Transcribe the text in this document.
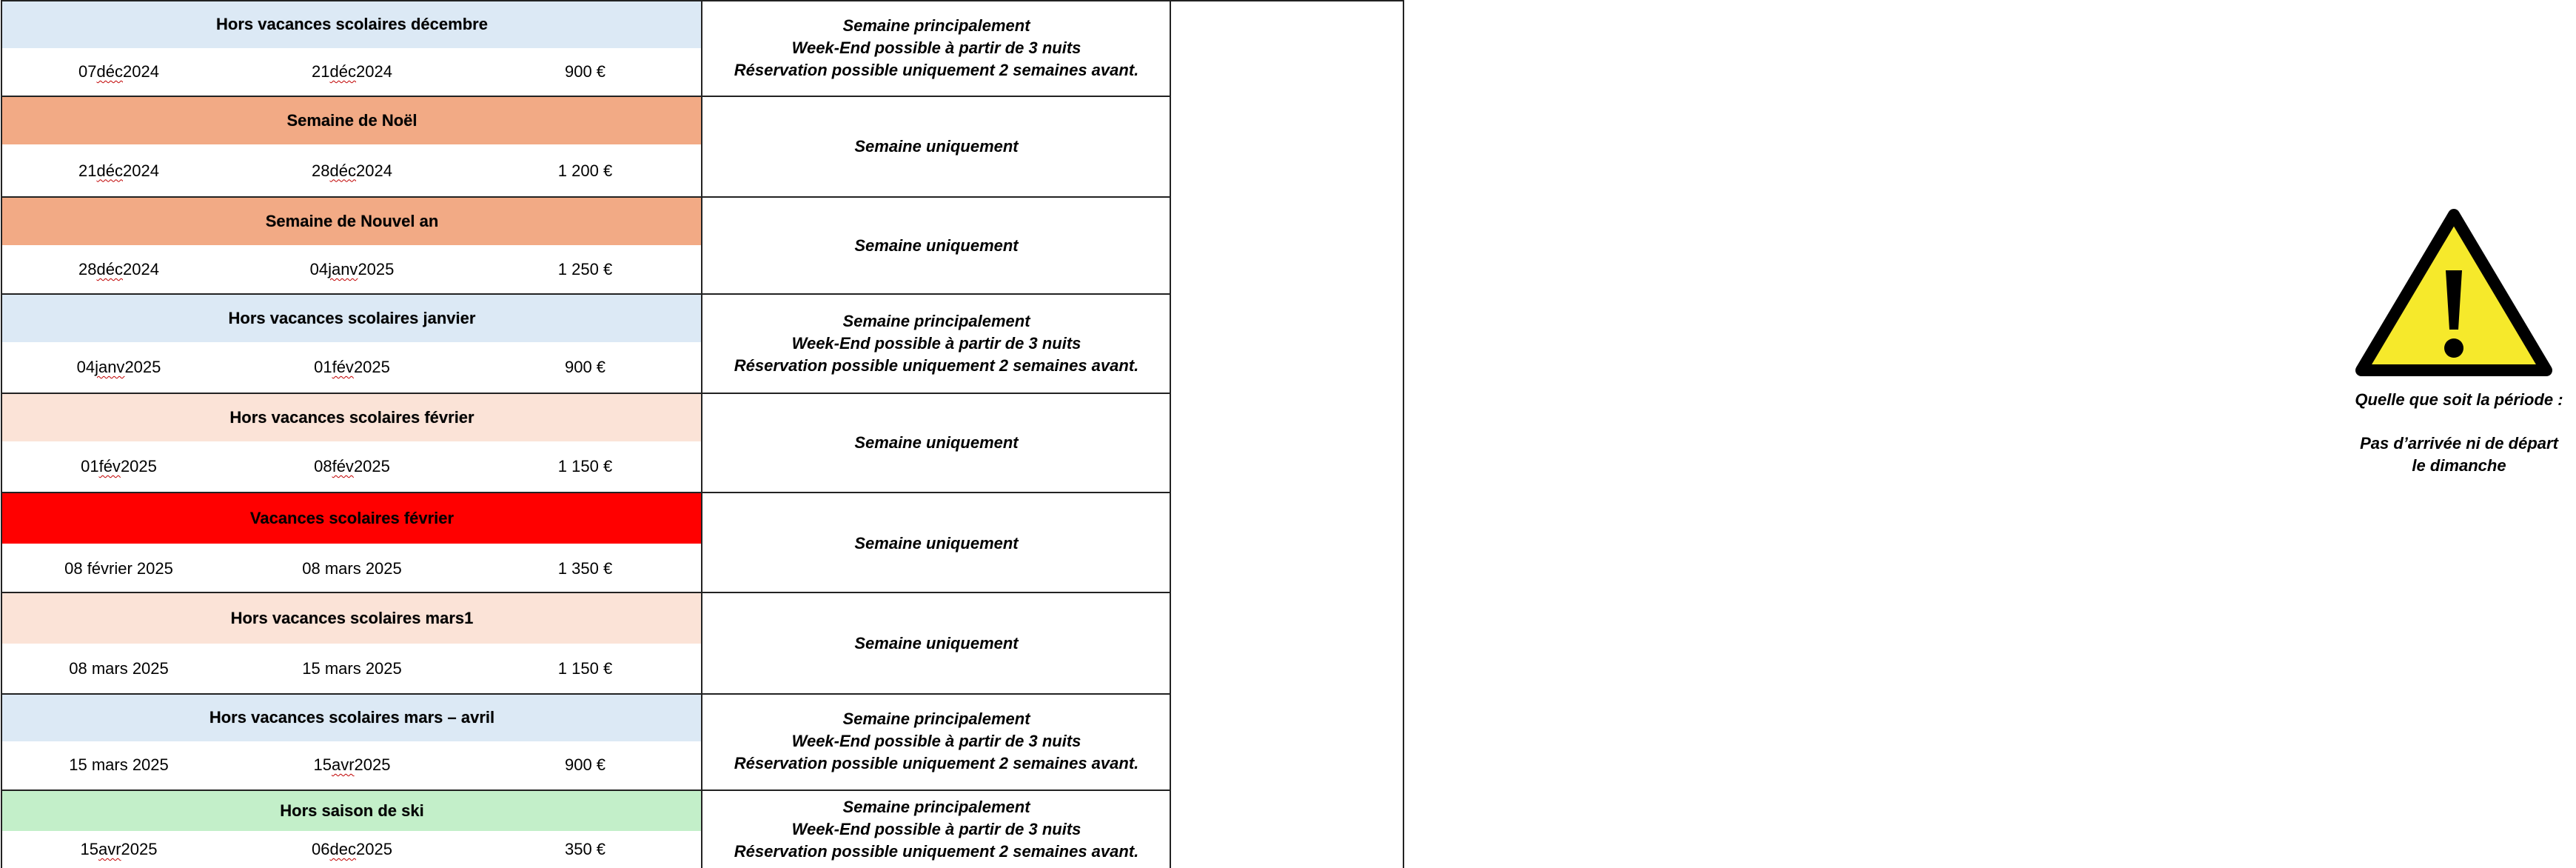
Hors vacances scolaires décembre
07 déc 2024	21 déc 2024	900 €
Semaine principalement
Week-End possible à partir de 3 nuits
Réservation possible uniquement 2 semaines avant.
Semaine de Noël
21 déc 2024	28 déc 2024	1 200 €
Semaine uniquement
Semaine de Nouvel an
28 déc 2024	04 janv 2025	1 250 €
Semaine uniquement
Hors vacances scolaires janvier
04 janv 2025	01 fév 2025	900 €
Semaine principalement
Week-End possible à partir de 3 nuits
Réservation possible uniquement 2 semaines avant.
Hors vacances scolaires février
01 fév 2025	08 fév 2025	1 150 €
Semaine uniquement
Vacances scolaires février
08 février 2025	08 mars 2025	1 350 €
Semaine uniquement
Hors vacances scolaires mars1
08 mars 2025	15 mars 2025	1 150 €
Semaine uniquement
Hors vacances scolaires mars – avril
15 mars 2025	15 avr 2025	900 €
Semaine principalement
Week-End possible à partir de 3 nuits
Réservation possible uniquement 2 semaines avant.
Hors saison de ski
15 avr 2025	06 dec 2025	350 €
Semaine principalement
Week-End possible à partir de 3 nuits
Réservation possible uniquement 2 semaines avant.
Quelle que soit la période :
Pas d’arrivée ni de départ
le dimanche
